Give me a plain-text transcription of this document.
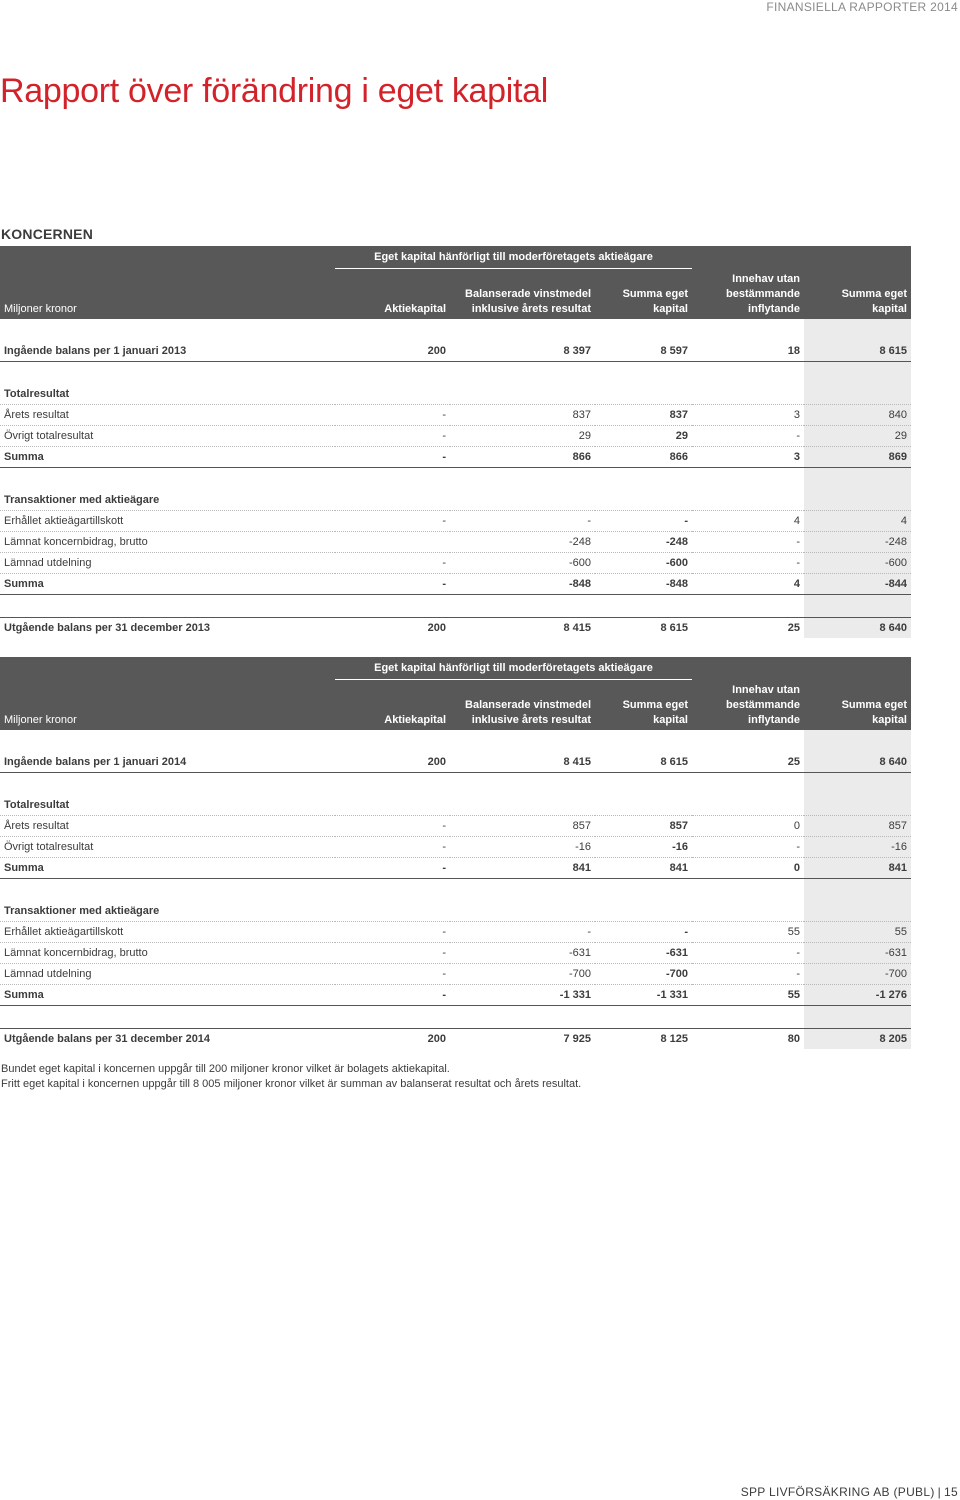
FINANSIELLA RAPPORTER 2014
Rapport över förändring i eget kapital
KONCERNEN
	Eget kapital hänförligt till moderföretagets aktieägare				
Miljoner kronor	Aktiekapital	Balanserade vinstmedel inklusive årets resultat	Summa eget kapital	Innehav utan bestämmande inflytande	Summa eget kapital

Ingående balans per 1 januari 2013	200	8 397	8 597	18	8 615

Totalresultat					
Årets resultat	-	837	837	3	840
Övrigt totalresultat	-	29	29	-	29
Summa	-	866	866	3	869

Transaktioner med aktieägare					
Erhållet aktieägartillskott	-	-	-	4	4
Lämnat koncernbidrag, brutto		-248	-248	-	-248
Lämnad utdelning	-	-600	-600	-	-600
Summa	-	-848	-848	4	-844

Utgående balans per 31 december 2013	200	8 415	8 615	25	8 640
	Eget kapital hänförligt till moderföretagets aktieägare				
Miljoner kronor	Aktiekapital	Balanserade vinstmedel inklusive årets resultat	Summa eget kapital	Innehav utan bestämmande inflytande	Summa eget kapital

Ingående balans per 1 januari 2014	200	8 415	8 615	25	8 640

Totalresultat					
Årets resultat	-	857	857	0	857
Övrigt totalresultat	-	-16	-16	-	-16
Summa	-	841	841	0	841

Transaktioner med aktieägare					
Erhållet aktieägartillskott	-	-	-	55	55
Lämnat koncernbidrag, brutto	-	-631	-631	-	-631
Lämnad utdelning	-	-700	-700	-	-700
Summa	-	-1 331	-1 331	55	-1 276

Utgående balans per 31 december 2014	200	7 925	8 125	80	8 205

Bundet eget kapital i koncernen uppgår till 200 miljoner kronor vilket är bolagets aktiekapital.

Fritt eget kapital i koncernen uppgår till 8 005 miljoner kronor vilket är summan av balanserat resultat och årets resultat.

SPP LIVFÖRSÄKRING AB (PUBL) | 15
